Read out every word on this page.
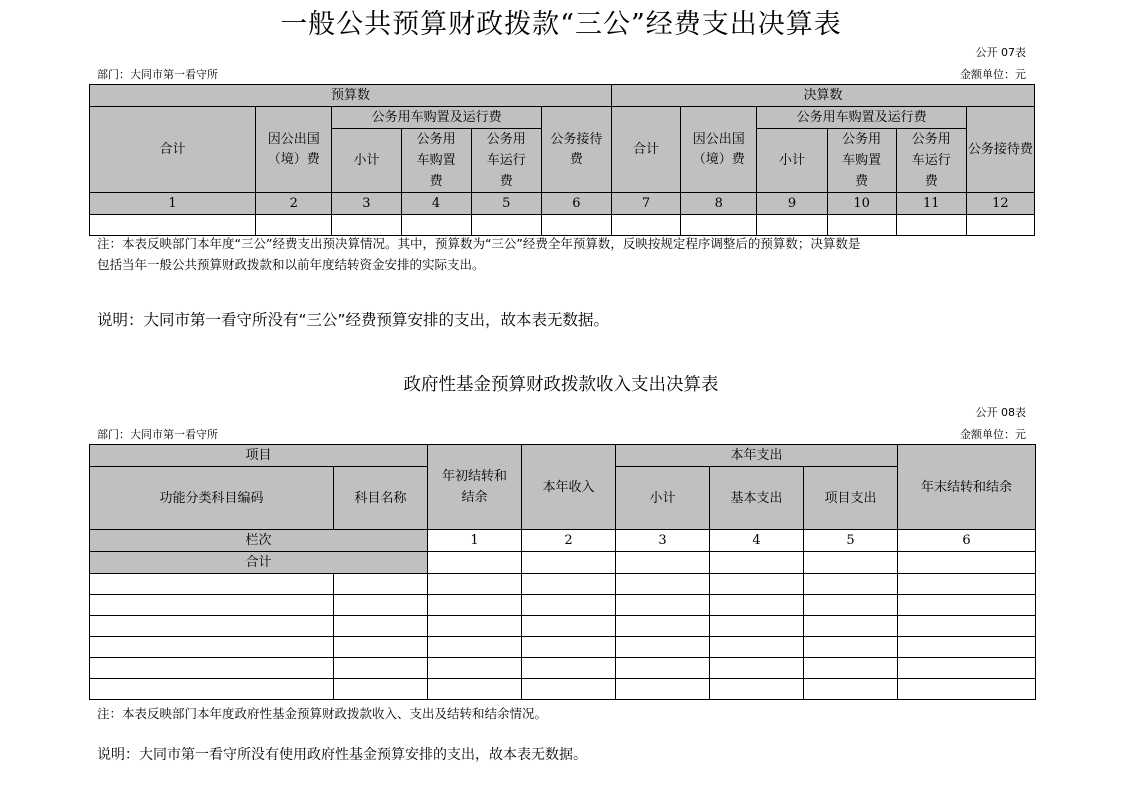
一般公共预算财政拨款“三公”经费支出决算表
公开 07表
部门：大同市第一看守所	金额单位：元
预算数						决算数					
合计	因公出国（境）费	公务用车购置及运行费			公务接待费	合计	因公出国（境）费	公务用车购置及运行费			公务接待费
		小计	公务用车购置费	公务用车运行费				小计	公务用车购置费	公务用车运行费	
1	2	3	4	5	6	7	8	9	10	11	12

注：本表反映部门本年度“三公”经费支出预决算情况。其中，预算数为“三公”经费全年预算数，反映按规定程序调整后的预算数；决算数是
包括当年一般公共预算财政拨款和以前年度结转资金安排的实际支出。
说明：大同市第一看守所没有“三公”经费预算安排的支出，故本表无数据。
政府性基金预算财政拨款收入支出决算表
公开 08表
部门：大同市第一看守所	金额单位：元
项目		年初结转和结余	本年收入	本年支出			年末结转和结余
功能分类科目编码	科目名称			小计	基本支出	项目支出	
栏次		1	2	3	4	5	6
合计							

注：本表反映部门本年度政府性基金预算财政拨款收入、支出及结转和结余情况。
说明：大同市第一看守所没有使用政府性基金预算安排的支出，故本表无数据。
